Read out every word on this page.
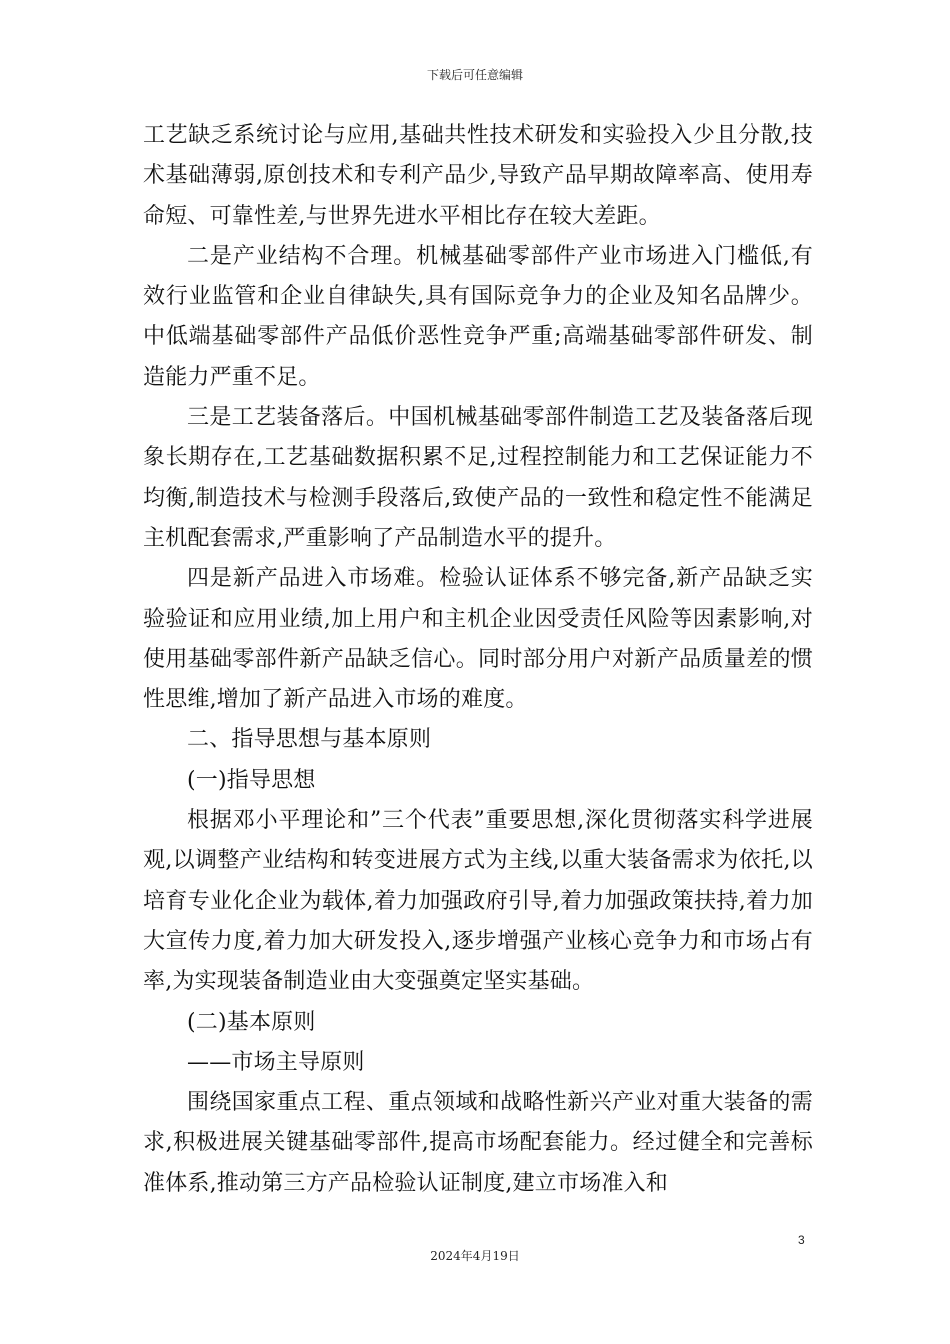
下载后可任意编辑

工艺缺乏系统讨论与应用,基础共性技术研发和实验投入少且分散,技术基础薄弱,原创技术和专利产品少,导致产品早期故障率高、使用寿命短、可靠性差,与世界先进水平相比存在较大差距。

二是产业结构不合理。机械基础零部件产业市场进入门槛低,有效行业监管和企业自律缺失,具有国际竞争力的企业及知名品牌少。中低端基础零部件产品低价恶性竞争严重;高端基础零部件研发、制造能力严重不足。

三是工艺装备落后。中国机械基础零部件制造工艺及装备落后现象长期存在,工艺基础数据积累不足,过程控制能力和工艺保证能力不均衡,制造技术与检测手段落后,致使产品的一致性和稳定性不能满足主机配套需求,严重影响了产品制造水平的提升。

四是新产品进入市场难。检验认证体系不够完备,新产品缺乏实验验证和应用业绩,加上用户和主机企业因受责任风险等因素影响,对使用基础零部件新产品缺乏信心。同时部分用户对新产品质量差的惯性思维,增加了新产品进入市场的难度。

二、指导思想与基本原则

(一)指导思想

根据邓小平理论和”三个代表”重要思想,深化贯彻落实科学进展观,以调整产业结构和转变进展方式为主线,以重大装备需求为依托,以培育专业化企业为载体,着力加强政府引导,着力加强政策扶持,着力加大宣传力度,着力加大研发投入,逐步增强产业核心竞争力和市场占有率,为实现装备制造业由大变强奠定坚实基础。

(二)基本原则

——市场主导原则

围绕国家重点工程、重点领域和战略性新兴产业对重大装备的需求,积极进展关键基础零部件,提高市场配套能力。经过健全和完善标准体系,推动第三方产品检验认证制度,建立市场准入和

3
2024年4月19日
